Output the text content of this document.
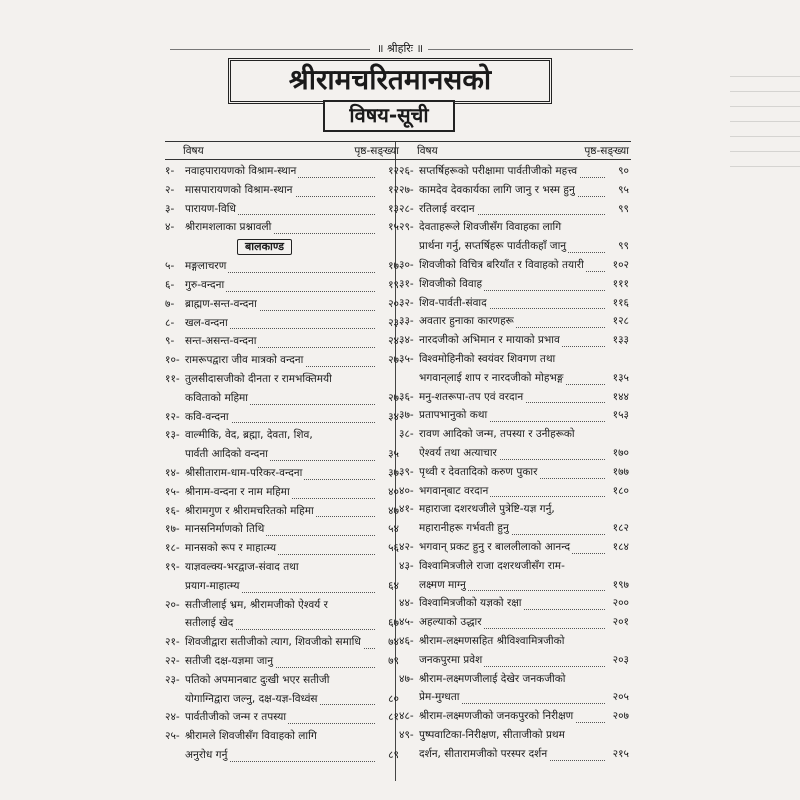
॥ श्रीहरिः ॥
श्रीरामचरितमानसको
विषय-सूची
विषय	पृष्ठ-सङ्ख्या
१-	नवाहपारायणको विश्राम-स्थान	१२
२-	मासपारायणको विश्राम-स्थान	१२
३-	पारायण-विधि	१३
४-	श्रीरामशलाका प्रश्नावली	१५
बालकाण्ड
५-	मङ्गलाचरण	१७
६-	गुरु-वन्दना	१९
७-	ब्राह्मण-सन्त-वन्दना	२०
८-	खल-वन्दना	२३
९-	सन्त-असन्त-वन्दना	२४
१०- रामरूपद्वारा जीव मात्रको वन्दना	२७
११- तुलसीदासजीको दीनता र रामभक्तिमयी
कविताको महिमा	२७
१२- कवि-वन्दना	३४
१३- वाल्मीकि, वेद, ब्रह्मा, देवता, शिव,
पार्वती आदिको वन्दना	३५
१४- श्रीसीताराम-धाम-परिकर-वन्दना	३७
१५- श्रीनाम-वन्दना र नाम महिमा	४०
१६- श्रीरामगुण र श्रीरामचरितको महिमा	४७
१७- मानसनिर्माणको तिथि	५४
१८- मानसको रूप र माहात्म्य	५६
१९- याज्ञवल्क्य-भरद्वाज-संवाद तथा
प्रयाग-माहात्म्य	६४
२०- सतीजीलाई भ्रम, श्रीरामजीको ऐश्वर्य र
सतीलाई खेद	६७
२१- शिवजीद्वारा सतीजीको त्याग, शिवजीको समाधि	७४
२२- सतीजी दक्ष-यज्ञमा जानु	७९
२३- पतिको अपमानबाट दुःखी भएर सतीजी
योगाग्निद्वारा जल्नु, दक्ष-यज्ञ-विध्वंस	८०
२४- पार्वतीजीको जन्म र तपस्या	८१
२५- श्रीरामले शिवजीसँग विवाहको लागि
अनुरोध गर्नु	८९
विषय	पृष्ठ-सङ्ख्या
२६- सप्तर्षिहरूको परीक्षामा पार्वतीजीको महत्त्व	९०
२७- कामदेव देवकार्यका लागि जानु र भस्म हुनु	९५
२८- रतिलाई वरदान	९९
२९- देवताहरूले शिवजीसँग विवाहका लागि
प्रार्थना गर्नु, सप्तर्षिहरू पार्वतीकहाँ जानु	९९
३०- शिवजीको विचित्र बरियाँत र विवाहको तयारी	१०२
३१- शिवजीको विवाह	१११
३२- शिव-पार्वती-संवाद	११६
३३- अवतार हुनाका कारणहरू	१२८
३४- नारदजीको अभिमान र मायाको प्रभाव	१३३
३५- विश्वमोहिनीको स्वयंवर शिवगण तथा
भगवान्‌लाई शाप र नारदजीको मोहभङ्ग	१३५
३६- मनु-शतरूपा-तप एवं वरदान	१४४
३७- प्रतापभानुको कथा	१५३
३८- रावण आदिको जन्म, तपस्या र उनीहरूको
ऐश्वर्य तथा अत्याचार	१७०
३९- पृथ्वी र देवतादिको करुण पुकार	१७७
४०- भगवान्‌बाट वरदान	१८०
४१- महाराजा दशरथजीले पुत्रेष्टि-यज्ञ गर्नु,
महारानीहरू गर्भवती हुनु	१८२
४२- भगवान् प्रकट हुनु र बाललीलाको आनन्द	१८४
४३- विश्वामित्रजीले राजा दशरथजीसँग राम-
लक्ष्मण माग्नु	१९७
४४- विश्वामित्रजीको यज्ञको रक्षा	२००
४५- अहल्याको उद्धार	२०१
४६- श्रीराम-लक्ष्मणसहित श्रीविश्वामित्रजीको
जनकपुरमा प्रवेश	२०३
४७- श्रीराम-लक्ष्मणजीलाई देखेर जनकजीको
प्रेम-मुग्धता	२०५
४८- श्रीराम-लक्ष्मणजीको जनकपुरको निरीक्षण	२०७
४९- पुष्पवाटिका-निरीक्षण, सीताजीको प्रथम
दर्शन, सीतारामजीको परस्पर दर्शन	२१५
